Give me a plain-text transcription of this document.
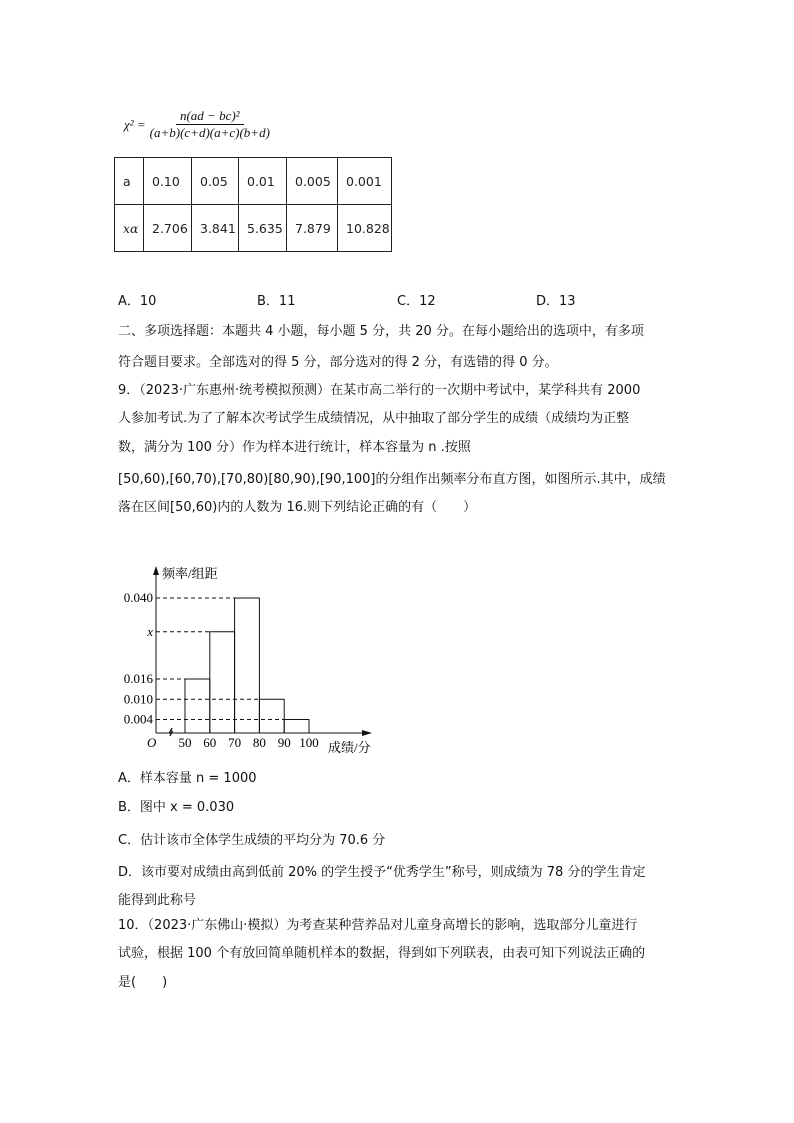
$\chi^2 = \frac{\text{n(ad − bc)²}}{(a+b)(c+d)(a+c)(b+d)}$
a	0.10	0.05	0.01	0.005	0.001
xα	2.706	3.841	5.635	7.879	10.828
A．10	B．11	C．12	D．13
二、多项选择题：本题共 4 小题，每小题 5 分，共 20 分。在每小题给出的选项中，有多项
符合题目要求。全部选对的得 5 分，部分选对的得 2 分，有选错的得 0 分。
9．（2023·广东惠州·统考模拟预测）在某市高二举行的一次期中考试中，某学科共有 2000
人参加考试.为了了解本次考试学生成绩情况，从中抽取了部分学生的成绩（成绩均为正整
数，满分为 100 分）作为样本进行统计，样本容量为 n .按照
[50,60),[60,70),[70,80)[80,90),[90,100]的分组作出频率分布直方图，如图所示.其中，成绩
落在区间[50,60)内的人数为 16.则下列结论正确的有（　　）
频率/组距
成绩/分
O
0.040
x
0.016
0.010
0.004
50 60 70 80 90 100
A．样本容量 n = 1000
B．图中 x = 0.030
C．估计该市全体学生成绩的平均分为 70.6 分
D．该市要对成绩由高到低前 20% 的学生授予“优秀学生”称号，则成绩为 78 分的学生肯定
能得到此称号
10．（2023·广东佛山·模拟）为考查某种营养品对儿童身高增长的影响，选取部分儿童进行
试验，根据 100 个有放回简单随机样本的数据，得到如下列联表，由表可知下列说法正确的
是(　　)
